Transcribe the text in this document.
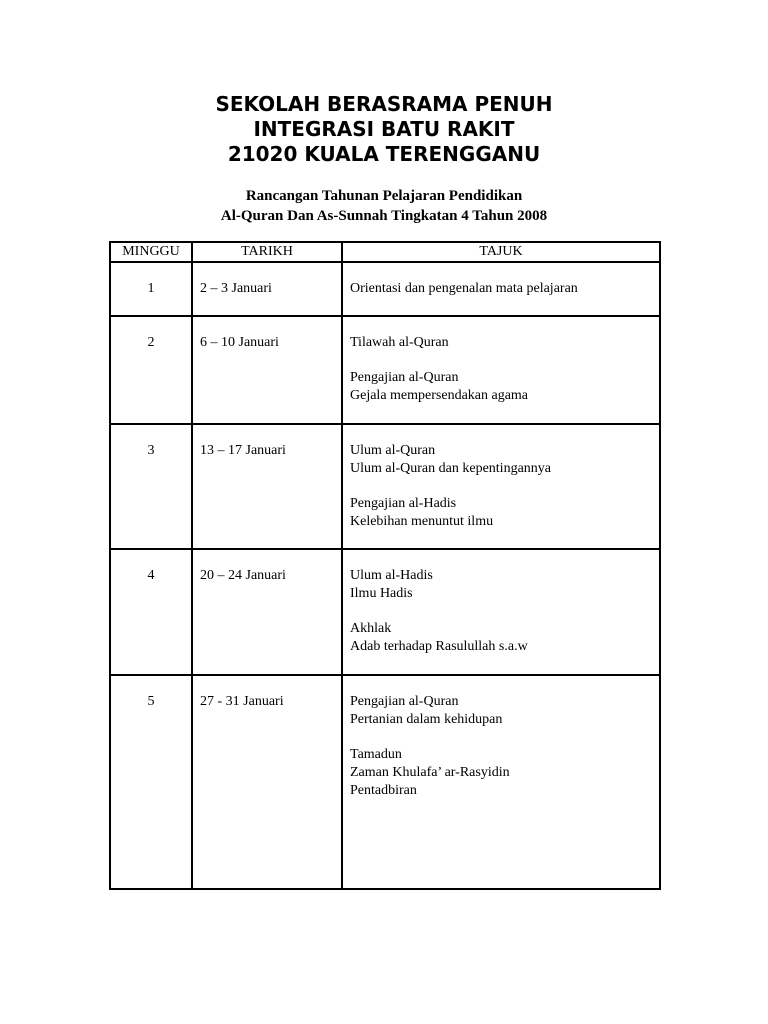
SEKOLAH BERASRAMA PENUH
INTEGRASI BATU RAKIT
21020 KUALA TERENGGANU
Rancangan Tahunan Pelajaran Pendidikan
Al-Quran Dan As-Sunnah Tingkatan 4 Tahun 2008
MINGGU	TARIKH	TAJUK
1	2 – 3 Januari	Orientasi dan pengenalan mata pelajaran

2	6 – 10 Januari	Tilawah al-Quran
Pengajian al-Quran
Gejala mempersendakan agama

3	13 – 17 Januari	Ulum al-Quran
Ulum al-Quran dan kepentingannya
Pengajian al-Hadis
Kelebihan menuntut ilmu

4	20 – 24 Januari	Ulum al-Hadis
Ilmu Hadis
Akhlak
Adab terhadap Rasulullah s.a.w

5	27 - 31 Januari	Pengajian al-Quran
Pertanian dalam kehidupan
Tamadun
Zaman Khulafa’ ar-Rasyidin
Pentadbiran
